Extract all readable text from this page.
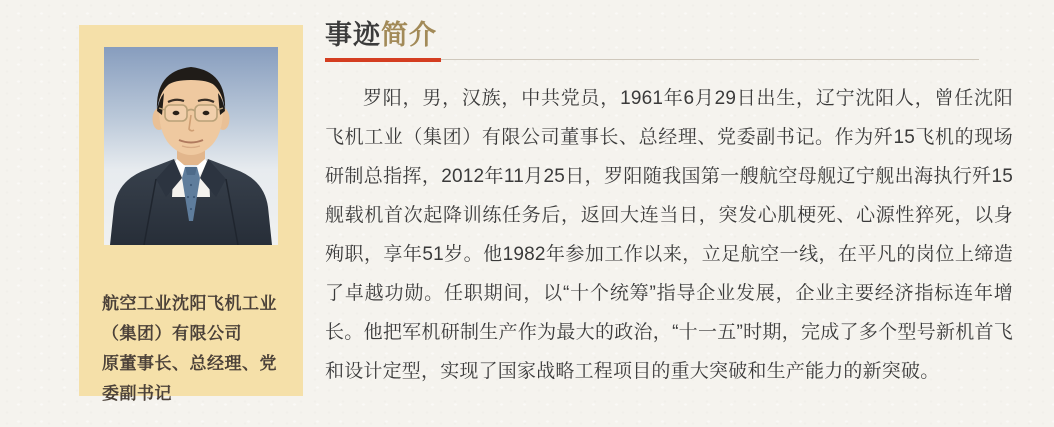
航空工业沈阳飞机工业（集团）有限公司
原董事长、总经理、党委副书记
事迹简介

罗阳，男，汉族，中共党员，1961年6月29日出生，辽宁沈阳人，曾任沈阳飞机工业（集团）有限公司董事长、总经理、党委副书记。作为歼15飞机的现场研制总指挥，2012年11月25日，罗阳随我国第一艘航空母舰辽宁舰出海执行歼15舰载机首次起降训练任务后，返回大连当日，突发心肌梗死、心源性猝死，以身殉职，享年51岁。他1982年参加工作以来，立足航空一线，在平凡的岗位上缔造了卓越功勋。任职期间，以“十个统筹”指导企业发展，企业主要经济指标连年增长。他把军机研制生产作为最大的政治，“十一五”时期，完成了多个型号新机首飞和设计定型，实现了国家战略工程项目的重大突破和生产能力的新突破。
